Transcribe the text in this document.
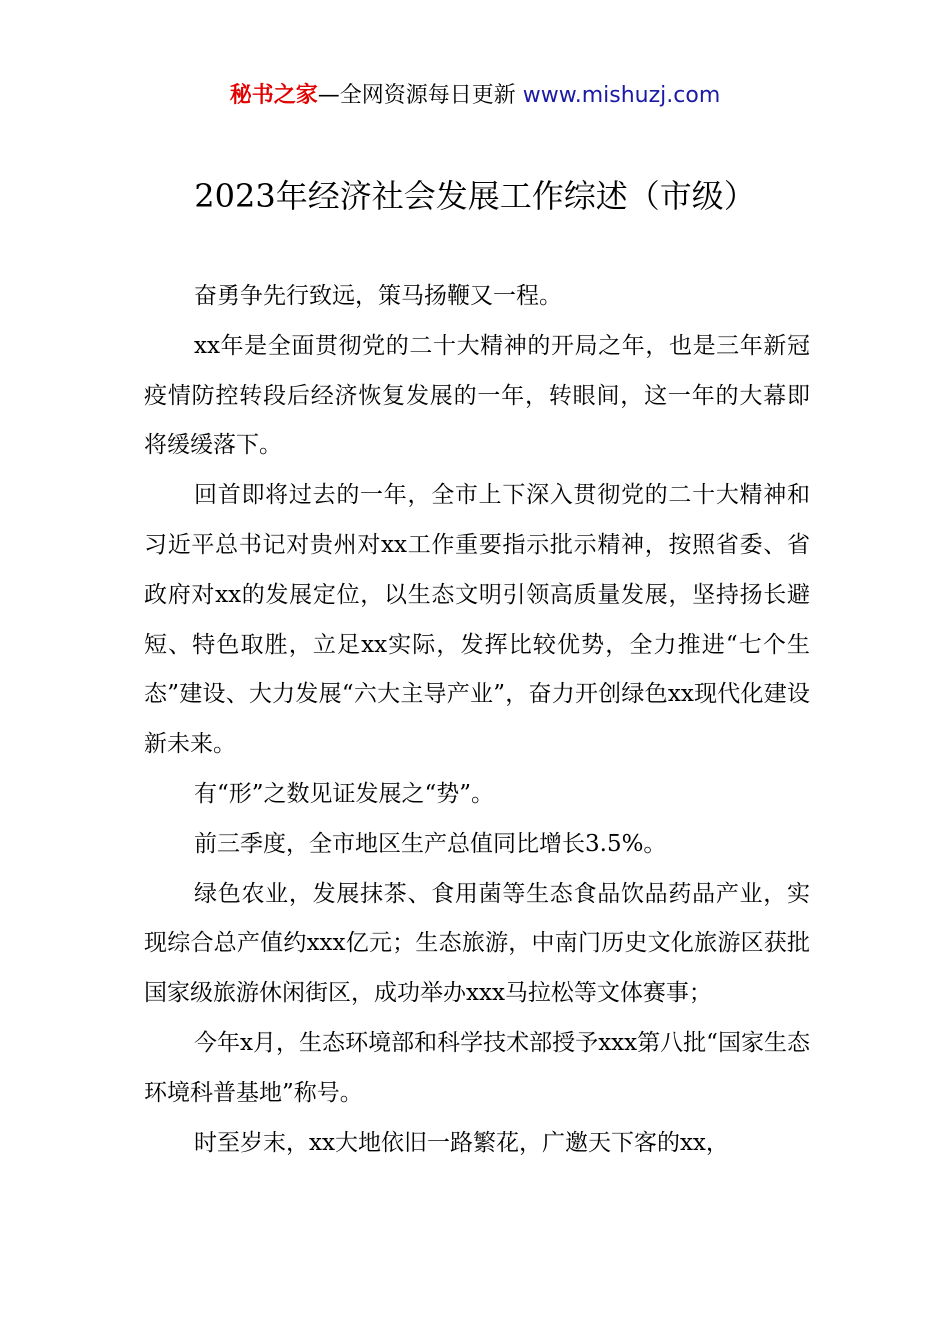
秘书之家—全网资源每日更新 www.mishuzj.com
2023年经济社会发展工作综述（市级）

奋勇争先行致远，策马扬鞭又一程。

xx年是全面贯彻党的二十大精神的开局之年，也是三年新冠疫情防控转段后经济恢复发展的一年，转眼间，这一年的大幕即将缓缓落下。

回首即将过去的一年，全市上下深入贯彻党的二十大精神和习近平总书记对贵州对xx工作重要指示批示精神，按照省委、省政府对xx的发展定位，以生态文明引领高质量发展，坚持扬长避短、特色取胜，立足xx实际，发挥比较优势，全力推进“七个生态”建设、大力发展“六大主导产业”，奋力开创绿色xx现代化建设新未来。

有“形”之数见证发展之“势”。

前三季度，全市地区生产总值同比增长3.5%。

绿色农业，发展抹茶、食用菌等生态食品饮品药品产业，实现综合总产值约xxx亿元；生态旅游，中南门历史文化旅游区获批国家级旅游休闲街区，成功举办xxx马拉松等文体赛事；

今年x月，生态环境部和科学技术部授予xxx第八批“国家生态环境科普基地”称号。

时至岁末，xx大地依旧一路繁花，广邀天下客的xx，
